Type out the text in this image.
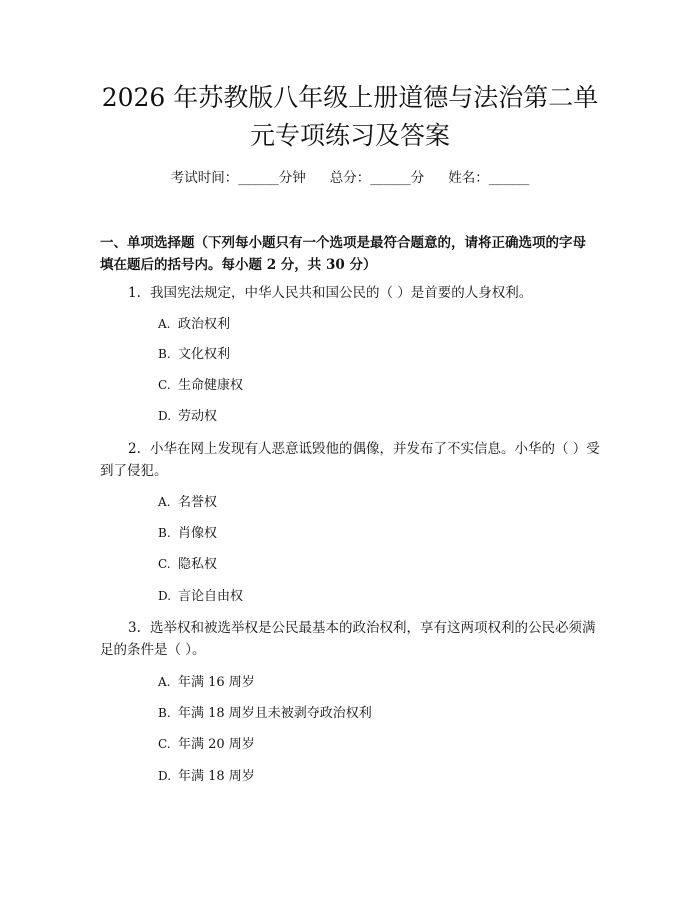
2026 年苏教版八年级上册道德与法治第二单
元专项练习及答案
考试时间：______分钟 总分：______分 姓名：______

一、单项选择题（下列每小题只有一个选项是最符合题意的，请将正确选项的字母填在题后的括号内。每小题 2 分，共 30 分）

1. 我国宪法规定，中华人民共和国公民的（ ）是首要的人身权利。

A. 政治权利
B. 文化权利
C. 生命健康权
D. 劳动权

2. 小华在网上发现有人恶意诋毁他的偶像，并发布了不实信息。小华的（ ）受到了侵犯。

A. 名誉权
B. 肖像权
C. 隐私权
D. 言论自由权

3. 选举权和被选举权是公民最基本的政治权利，享有这两项权利的公民必须满足的条件是（ ）。

A. 年满 16 周岁
B. 年满 18 周岁且未被剥夺政治权利
C. 年满 20 周岁
D. 年满 18 周岁
